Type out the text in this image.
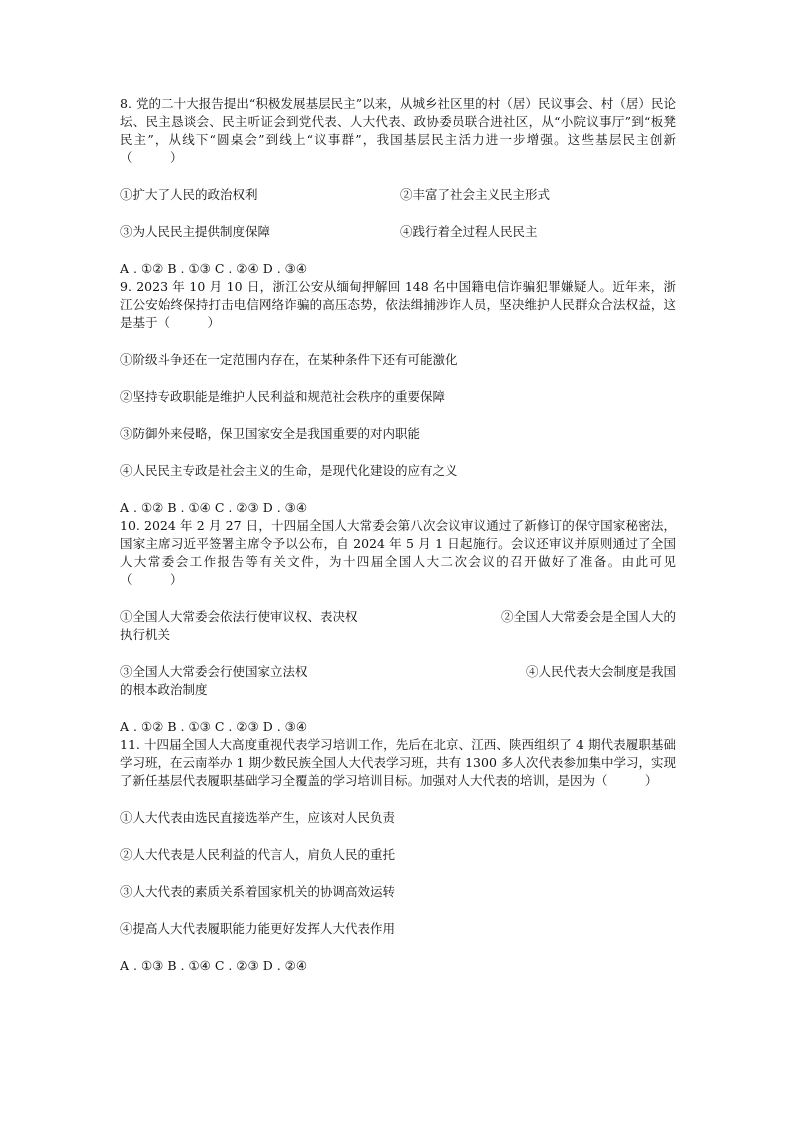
8. 党的二十大报告提出“积极发展基层民主”以来，从城乡社区里的村（居）民议事会、村（居）民论坛、民主恳谈会、民主听证会到党代表、人大代表、政协委员联合进社区，从“小院议事厅”到“板凳民主”，从线下“圆桌会”到线上“议事群”，我国基层民主活力进一步增强。这些基层民主创新（　　　）

①扩大了人民的政治权利	②丰富了社会主义民主形式
③为人民民主提供制度保障	④践行着全过程人民民主

A . ①② B . ①③ C . ②④ D . ③④

9. 2023 年 10 月 10 日，浙江公安从缅甸押解回 148 名中国籍电信诈骗犯罪嫌疑人。近年来，浙江公安始终保持打击电信网络诈骗的高压态势，依法缉捕涉诈人员，坚决维护人民群众合法权益，这是基于（　　　）

①阶级斗争还在一定范围内存在，在某种条件下还有可能激化

②坚持专政职能是维护人民利益和规范社会秩序的重要保障

③防御外来侵略，保卫国家安全是我国重要的对内职能

④人民民主专政是社会主义的生命，是现代化建设的应有之义

A . ①② B . ①④ C . ②③ D . ③④

10. 2024 年 2 月 27 日，十四届全国人大常委会第八次会议审议通过了新修订的保守国家秘密法，国家主席习近平签署主席令予以公布，自 2024 年 5 月 1 日起施行。会议还审议并原则通过了全国人大常委会工作报告等有关文件，为十四届全国人大二次会议的召开做好了准备。由此可见（　　　）

①全国人大常委会依法行使审议权、表决权	②全国人大常委会是全国人大的

执行机关

③全国人大常委会行使国家立法权	④人民代表大会制度是我国

的根本政治制度

A . ①② B . ①③ C . ②③ D . ③④

11. 十四届全国人大高度重视代表学习培训工作，先后在北京、江西、陕西组织了 4 期代表履职基础学习班，在云南举办 1 期少数民族全国人大代表学习班，共有 1300 多人次代表参加集中学习，实现了新任基层代表履职基础学习全覆盖的学习培训目标。加强对人大代表的培训，是因为（　　　）

①人大代表由选民直接选举产生，应该对人民负责

②人大代表是人民利益的代言人，肩负人民的重托

③人大代表的素质关系着国家机关的协调高效运转

④提高人大代表履职能力能更好发挥人大代表作用

A . ①③ B . ①④ C . ②③ D . ②④
